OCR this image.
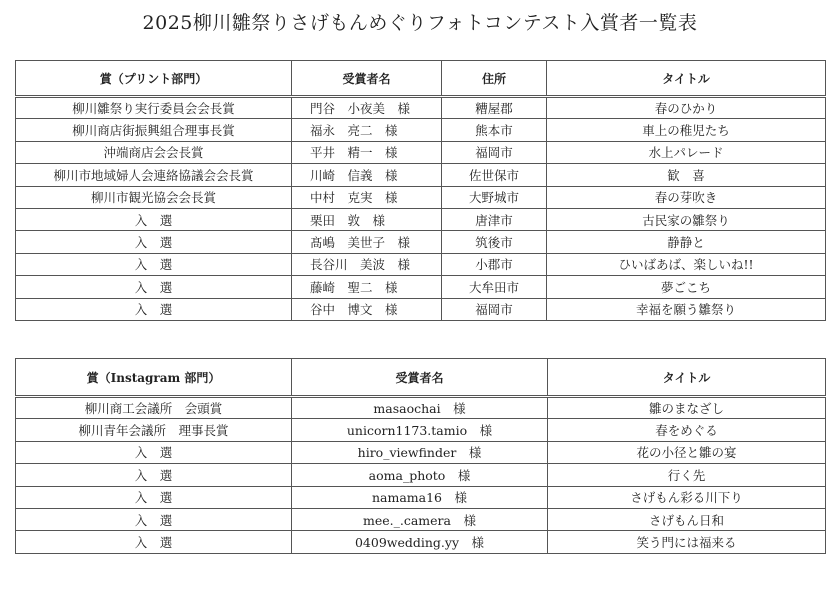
2025柳川雛祭りさげもんめぐりフォトコンテスト入賞者一覧表
賞（プリント部門）	受賞者名	住所	タイトル
柳川雛祭り実行委員会会長賞	門谷　小夜美　様	糟屋郡	春のひかり
柳川商店街振興組合理事長賞	福永　亮二　様	熊本市	車上の稚児たち
沖端商店会会長賞	平井　精一　様	福岡市	水上パレード
柳川市地域婦人会連絡協議会会長賞	川崎　信義　様	佐世保市	歓　喜
柳川市観光協会会長賞	中村　克実　様	大野城市	春の芽吹き
入　選	栗田　敦　様	唐津市	古民家の雛祭り
入　選	髙嶋　美世子　様	筑後市	静静と
入　選	長谷川　美波　様	小郡市	ひいばあば、楽しいね!!
入　選	藤崎　聖二　様	大牟田市	夢ごこち
入　選	谷中　博文　様	福岡市	幸福を願う雛祭り
賞（Instagram 部門）	受賞者名	タイトル
柳川商工会議所　会頭賞	masaochai　様	雛のまなざし
柳川青年会議所　理事長賞	unicorn1173.tamio　様	春をめぐる
入　選	hiro_viewfinder　様	花の小径と雛の宴
入　選	aoma_photo　様	行く先
入　選	namama16　様	さげもん彩る川下り
入　選	mee._.camera　様	さげもん日和
入　選	0409wedding.yy　様	笑う門には福来る
